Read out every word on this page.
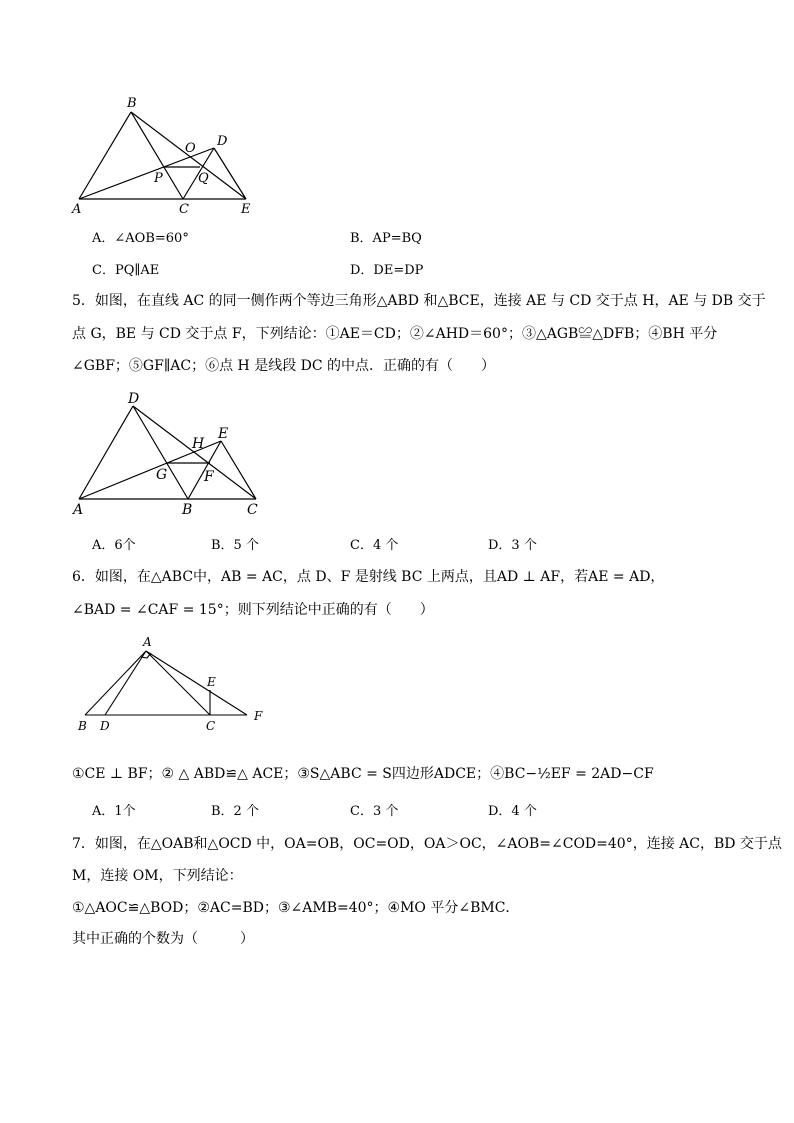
B
D
O
P	Q
A	C	E
A．∠AOB=60°	B．AP=BQ
C．PQ∥AE	D．DE=DP
5．如图，在直线 AC 的同一侧作两个等边三角形△ABD 和△BCE，连接 AE 与 CD 交于点 H，AE 与 DB 交于
点 G，BE 与 CD 交于点 F，下列结论：①AE＝CD；②∠AHD＝60°；③△AGB≌△DFB；④BH 平分
∠GBF；⑤GF∥AC；⑥点 H 是线段 DC 的中点．正确的有（　　）
D
E
H
G	F
A	B	C
A．6个	B．5 个	C．4 个	D．3 个
6．如图，在△ABC中，AB = AC，点 D、F 是射线 BC 上两点，且AD ⊥ AF，若AE = AD，
∠BAD = ∠CAF = 15°；则下列结论中正确的有（　　）
A
E
B D	C
F
①CE ⊥ BF；② △ ABD≌△ ACE；③S△ABC = S四边形ADCE；④BC−½EF = 2AD−CF
A．1个	B．2 个	C．3 个	D．4 个
7．如图，在△OAB和△OCD 中，OA=OB，OC=OD，OA＞OC，∠AOB=∠COD=40°，连接 AC，BD 交于点
M，连接 OM，下列结论：
①△AOC≌△BOD；②AC=BD；③∠AMB=40°；④MO 平分∠BMC．
其中正确的个数为（　　　）
